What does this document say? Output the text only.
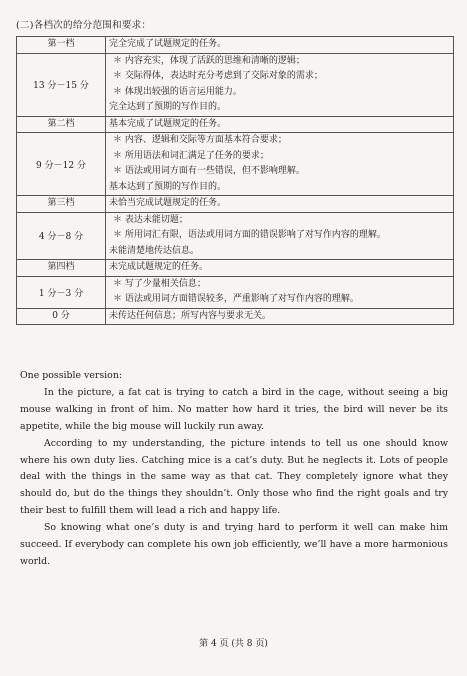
(二)各档次的给分范围和要求：
第一档	完全完成了试题规定的任务。

13 分－15 分	＊ 内容充实，体现了活跃的思维和清晰的逻辑；
＊ 交际得体，表达时充分考虑到了交际对象的需求；
＊ 体现出较强的语言运用能力。
完全达到了预期的写作目的。

第二档	基本完成了试题规定的任务。

9 分－12 分	＊ 内容、逻辑和交际等方面基本符合要求；
＊ 所用语法和词汇满足了任务的要求；
＊ 语法或用词方面有一些错误，但不影响理解。
基本达到了预期的写作目的。

第三档	未恰当完成试题规定的任务。

4 分－8 分	＊ 表达未能切题；
＊ 所用词汇有限，语法或用词方面的错误影响了对写作内容的理解。
未能清楚地传达信息。

第四档	未完成试题规定的任务。

1 分－3 分	＊ 写了少量相关信息；
＊ 语法或用词方面错误较多，严重影响了对写作内容的理解。

0 分	未传达任何信息；所写内容与要求无关。

One possible version:

In the picture, a fat cat is trying to catch a bird in the cage, without seeing a big mouse walking in front of him. No matter how hard it tries, the bird will never be its appetite, while the big mouse will luckily run away.

According to my understanding, the picture intends to tell us one should know where his own duty lies. Catching mice is a cat’s duty. But he neglects it. Lots of people deal with the things in the same way as that cat. They completely ignore what they should do, but do the things they shouldn’t. Only those who find the right goals and try their best to fulfill them will lead a rich and happy life.

So knowing what one’s duty is and trying hard to perform it well can make him succeed. If everybody can complete his own job efficiently, we’ll have a more harmonious world.

第 4 页 (共 8 页)
